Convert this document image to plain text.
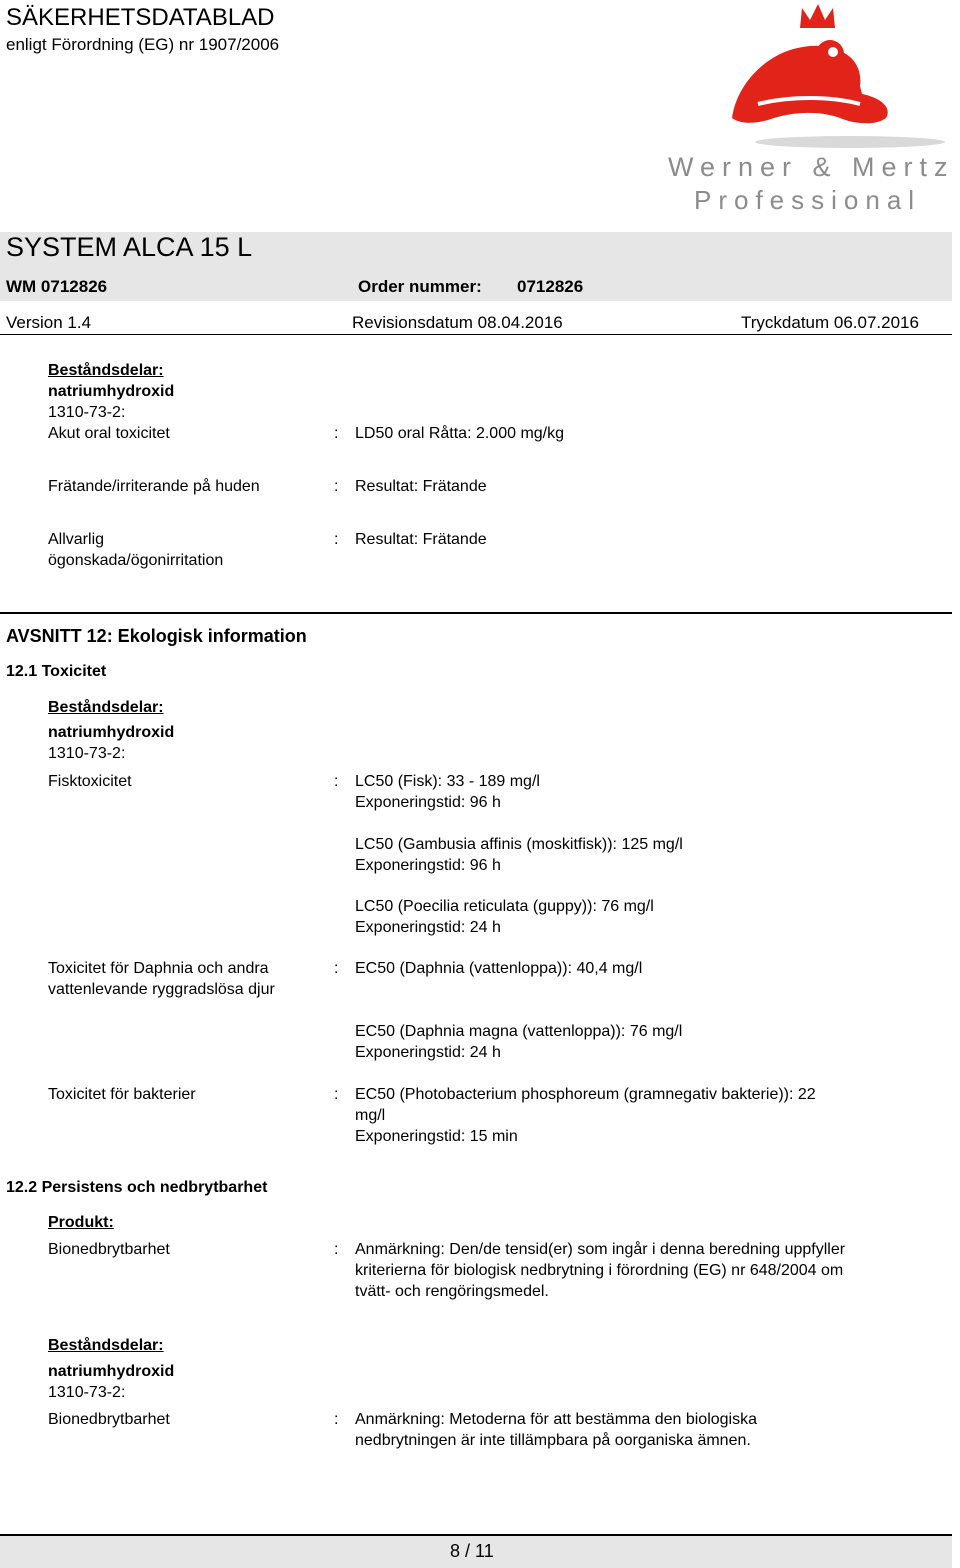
SÄKERHETSDATABLAD
enligt Förordning (EG) nr 1907/2006
Werner & Mertz
Professional
SYSTEM ALCA 15 L
WM 0712826	Order nummer: 0712826
Version 1.4	Revisionsdatum 08.04.2016	Tryckdatum 06.07.2016
Beståndsdelar:
natriumhydroxid
1310-73-2:
Akut oral toxicitet	: LD50 oral Råtta: 2.000 mg/kg
Frätande/irriterande på huden	: Resultat: Frätande
Allvarlig
ögonskada/ögonirritation
: Resultat: Frätande
AVSNITT 12: Ekologisk information
12.1 Toxicitet
Beståndsdelar:
natriumhydroxid
1310-73-2:
Fisktoxicitet	: LC50 (Fisk): 33 - 189 mg/l
Exponeringstid: 96 h
LC50 (Gambusia affinis (moskitfisk)): 125 mg/l
Exponeringstid: 96 h
LC50 (Poecilia reticulata (guppy)): 76 mg/l
Exponeringstid: 24 h
Toxicitet för Daphnia och andra
vattenlevande ryggradslösa djur
: EC50 (Daphnia (vattenloppa)): 40,4 mg/l
EC50 (Daphnia magna (vattenloppa)): 76 mg/l
Exponeringstid: 24 h
Toxicitet för bakterier	: EC50 (Photobacterium phosphoreum (gramnegativ bakterie)): 22
mg/l
Exponeringstid: 15 min
12.2 Persistens och nedbrytbarhet
Produkt:
Bionedbrytbarhet	: Anmärkning: Den/de tensid(er) som ingår i denna beredning uppfyller
kriterierna för biologisk nedbrytning i förordning (EG) nr 648/2004 om
tvätt- och rengöringsmedel.
Beståndsdelar:
natriumhydroxid
1310-73-2:
Bionedbrytbarhet	: Anmärkning: Metoderna för att bestämma den biologiska
nedbrytningen är inte tillämpbara på oorganiska ämnen.
8 / 11
